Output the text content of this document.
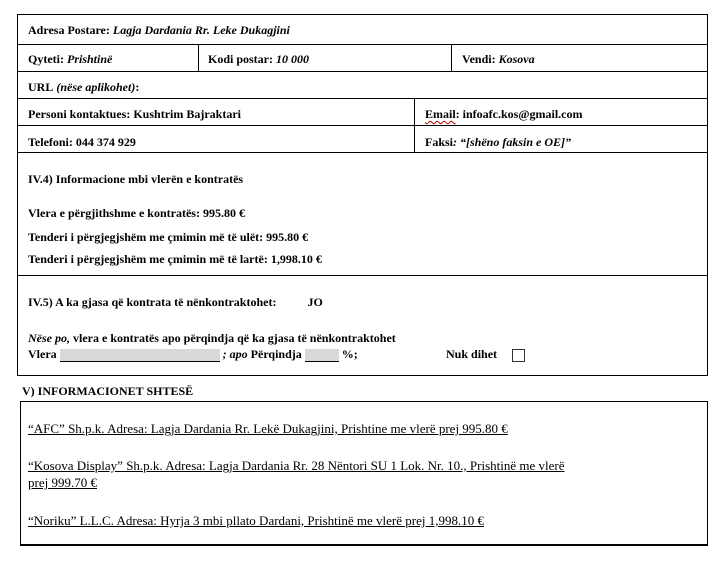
Adresa Postare: Lagja Dardania Rr. Leke Dukagjini
Qyteti: Prishtinë	Kodi postar: 10 000	Vendi: Kosova
URL (nëse aplikohet):
Personi kontaktues: Kushtrim Bajraktari	Email: infoafc.kos@gmail.com
Telefoni: 044 374 929	Faksi: “[shëno faksin e OE]”
IV.4) Informacione mbi vlerën e kontratës
Vlera e përgjithshme e kontratës: 995.80 €
Tenderi i përgjegjshëm me çmimin më të ulët: 995.80 €
Tenderi i përgjegjshëm me çmimin më të lartë: 1,998.10 €
IV.5) A ka gjasa që kontrata të nënkontraktohet:	JO
Nëse po, vlera e kontratës apo përqindja që ka gjasa të nënkontraktohet
Vlera	; apo Përqindja	%;	Nuk dihet
V) INFORMACIONET SHTESË
“AFC” Sh.p.k. Adresa: Lagja Dardania Rr. Lekë Dukagjini, Prishtine me vlerë prej 995.80 €
“Kosova Display” Sh.p.k. Adresa: Lagja Dardania Rr. 28 Nëntori SU 1 Lok. Nr. 10., Prishtinë me vlerë
prej 999.70 €
“Noriku” L.L.C. Adresa: Hyrja 3 mbi pllato Dardani, Prishtinë me vlerë prej 1,998.10 €
